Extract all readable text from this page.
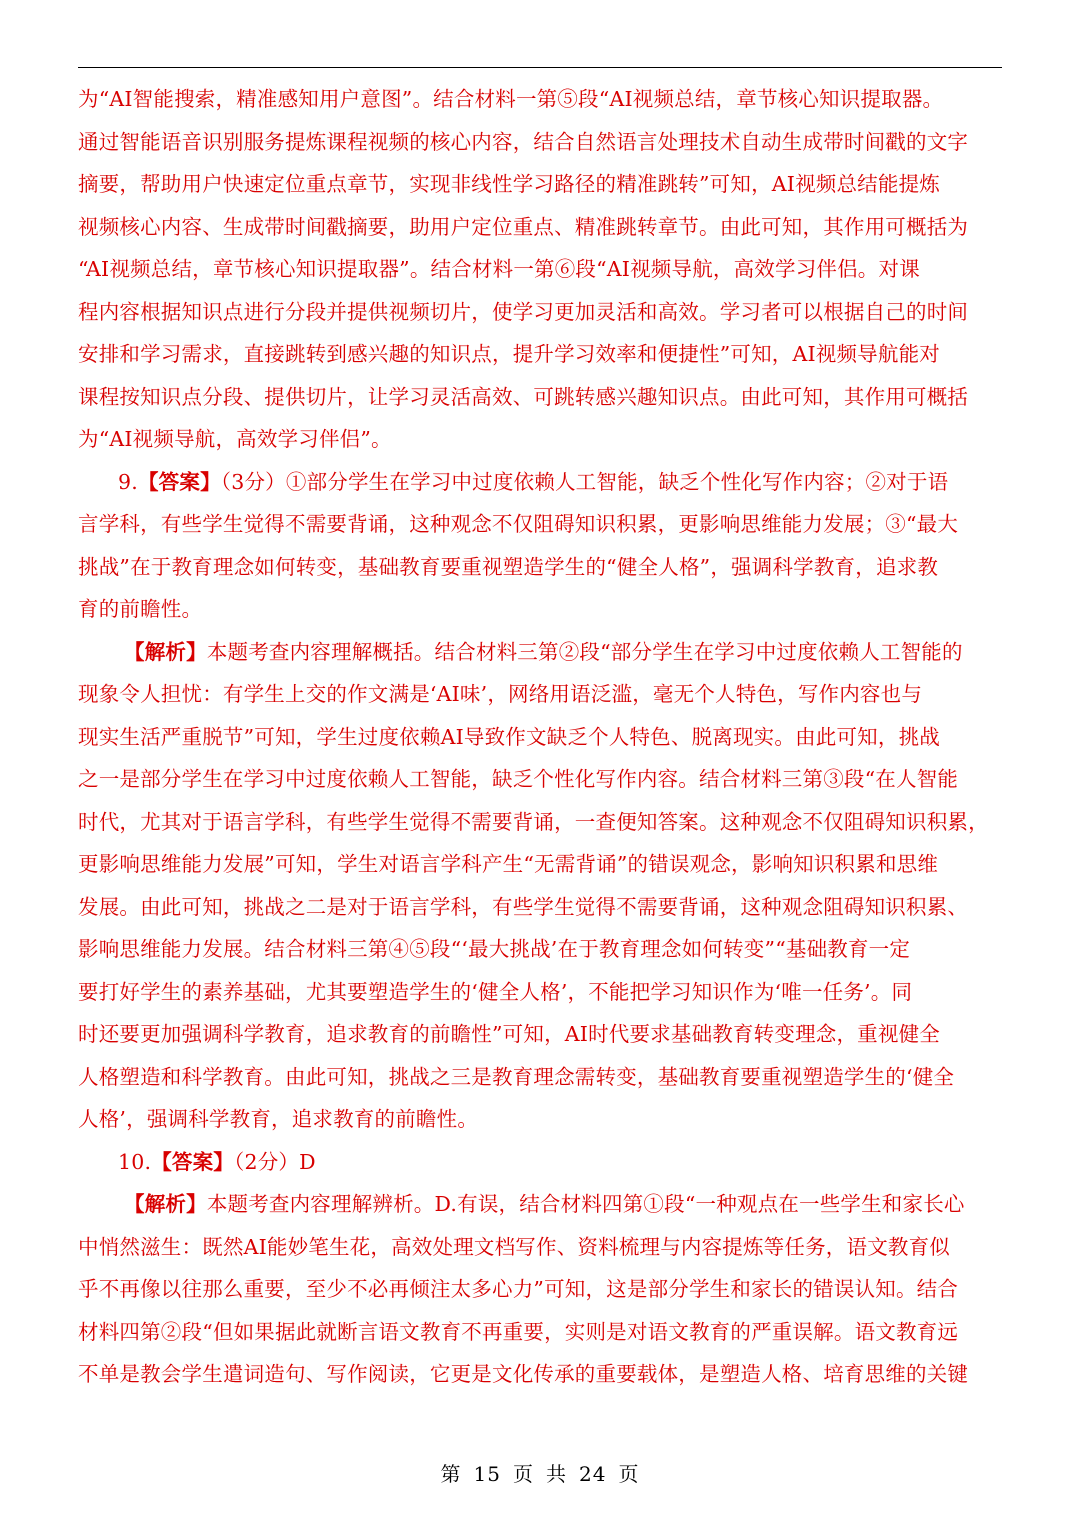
为“AI智能搜索，精准感知用户意图”。结合材料一第⑤段“AI视频总结，章节核心知识提取器。
通过智能语音识别服务提炼课程视频的核心内容，结合自然语言处理技术自动生成带时间戳的文字
摘要，帮助用户快速定位重点章节，实现非线性学习路径的精准跳转”可知，AI视频总结能提炼
视频核心内容、生成带时间戳摘要，助用户定位重点、精准跳转章节。由此可知，其作用可概括为
“AI视频总结，章节核心知识提取器”。结合材料一第⑥段“AI视频导航，高效学习伴侣。对课
程内容根据知识点进行分段并提供视频切片，使学习更加灵活和高效。学习者可以根据自己的时间
安排和学习需求，直接跳转到感兴趣的知识点，提升学习效率和便捷性”可知，AI视频导航能对
课程按知识点分段、提供切片，让学习灵活高效、可跳转感兴趣知识点。由此可知，其作用可概括
为“AI视频导航，高效学习伴侣”。
9.【答案】（3分）①部分学生在学习中过度依赖人工智能，缺乏个性化写作内容；②对于语
言学科，有些学生觉得不需要背诵，这种观念不仅阻碍知识积累，更影响思维能力发展；③“最大
挑战”在于教育理念如何转变，基础教育要重视塑造学生的“健全人格”，强调科学教育，追求教
育的前瞻性。
【解析】本题考查内容理解概括。结合材料三第②段“部分学生在学习中过度依赖人工智能的
现象令人担忧：有学生上交的作文满是‘AI味’，网络用语泛滥，毫无个人特色，写作内容也与
现实生活严重脱节”可知，学生过度依赖AI导致作文缺乏个人特色、脱离现实。由此可知，挑战
之一是部分学生在学习中过度依赖人工智能，缺乏个性化写作内容。结合材料三第③段“在人智能
时代，尤其对于语言学科，有些学生觉得不需要背诵，一查便知答案。这种观念不仅阻碍知识积累，
更影响思维能力发展”可知，学生对语言学科产生“无需背诵”的错误观念，影响知识积累和思维
发展。由此可知，挑战之二是对于语言学科，有些学生觉得不需要背诵，这种观念阻碍知识积累、
影响思维能力发展。结合材料三第④⑤段“‘最大挑战’在于教育理念如何转变”“基础教育一定
要打好学生的素养基础，尤其要塑造学生的‘健全人格’，不能把学习知识作为‘唯一任务’。同
时还要更加强调科学教育，追求教育的前瞻性”可知，AI时代要求基础教育转变理念，重视健全
人格塑造和科学教育。由此可知，挑战之三是教育理念需转变，基础教育要重视塑造学生的‘健全
人格’，强调科学教育，追求教育的前瞻性。
10.【答案】（2分）D
【解析】本题考查内容理解辨析。D.有误，结合材料四第①段“一种观点在一些学生和家长心
中悄然滋生：既然AI能妙笔生花，高效处理文档写作、资料梳理与内容提炼等任务，语文教育似
乎不再像以往那么重要，至少不必再倾注太多心力”可知，这是部分学生和家长的错误认知。结合
材料四第②段“但如果据此就断言语文教育不再重要，实则是对语文教育的严重误解。语文教育远
不单是教会学生遣词造句、写作阅读，它更是文化传承的重要载体，是塑造人格、培育思维的关键
第 15 页 共 24 页
